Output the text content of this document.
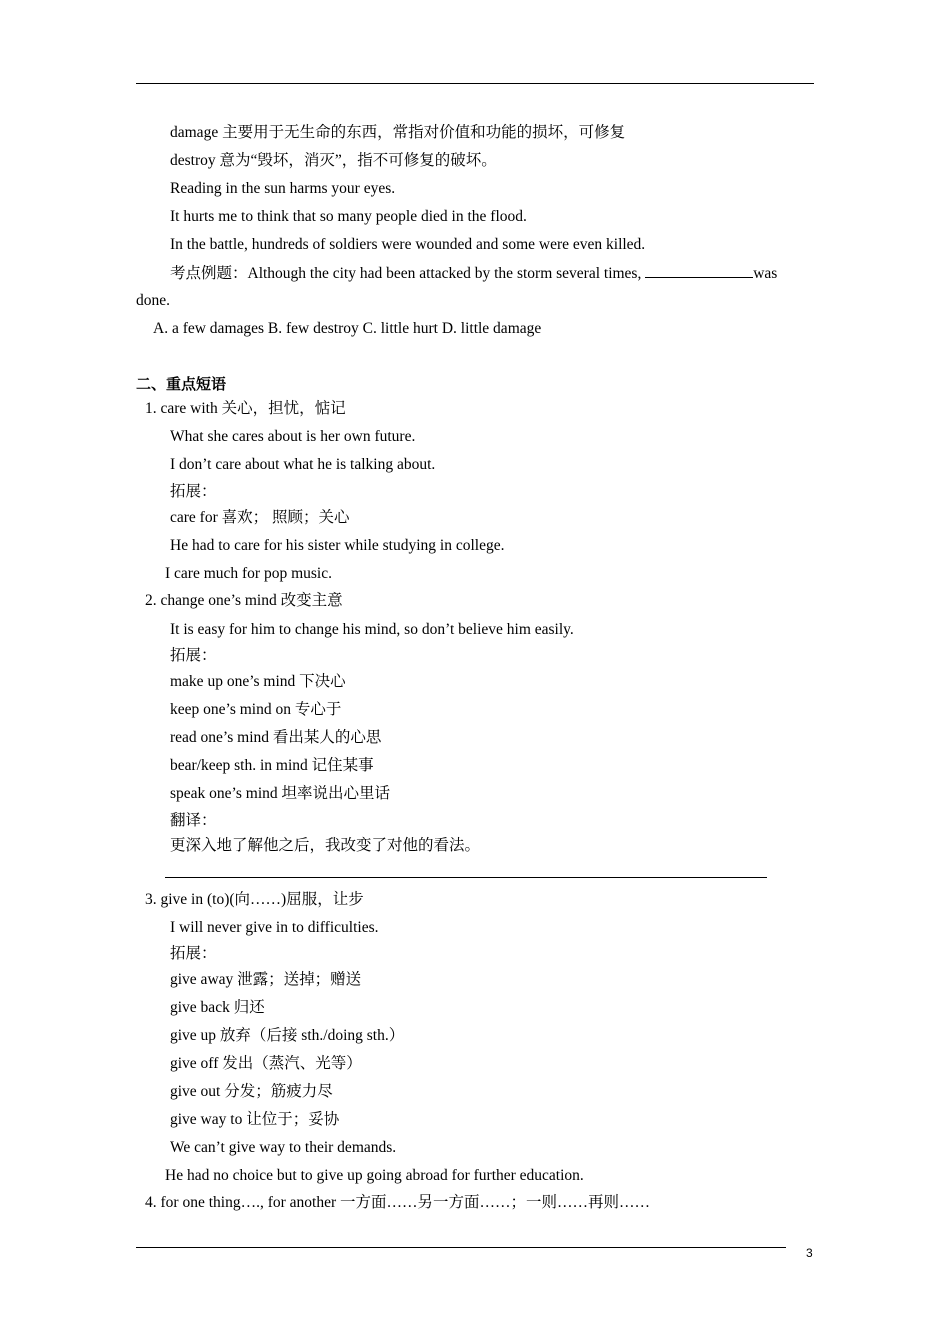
damage 主要用于无生命的东西，常指对价值和功能的损坏，可修复
destroy 意为“毁坏，消灭”，指不可修复的破坏。
Reading in the sun harms your eyes.
It hurts me to think that so many people died in the flood.
In the battle, hundreds of soldiers were wounded and some were even killed.
考点例题：Although the city had been attacked by the storm several times,	was
done.
A. a few damages B. few destroy C. little hurt D. little damage
二、重点短语
1. care with 关心，担忧，惦记
What she cares about is her own future.
I don’t care about what he is talking about.
拓展：
care for 喜欢； 照顾；关心
He had to care for his sister while studying in college.
I care much for pop music.
2. change one’s mind 改变主意
It is easy for him to change his mind, so don’t believe him easily.
拓展：
make up one’s mind 下决心
keep one’s mind on 专心于
read one’s mind 看出某人的心思
bear/keep sth. in mind 记住某事
speak one’s mind 坦率说出心里话
翻译：
更深入地了解他之后，我改变了对他的看法。
3. give in (to)(向……)屈服，让步
I will never give in to difficulties.
拓展：
give away 泄露；送掉；赠送
give back 归还
give up 放弃（后接 sth./doing sth.）
give off 发出（蒸汽、光等）
give out 分发；筋疲力尽
give way to 让位于；妥协
We can’t give way to their demands.
He had no choice but to give up going abroad for further education.
4. for one thing…., for another 一方面……另一方面……；一则……再则……
3
